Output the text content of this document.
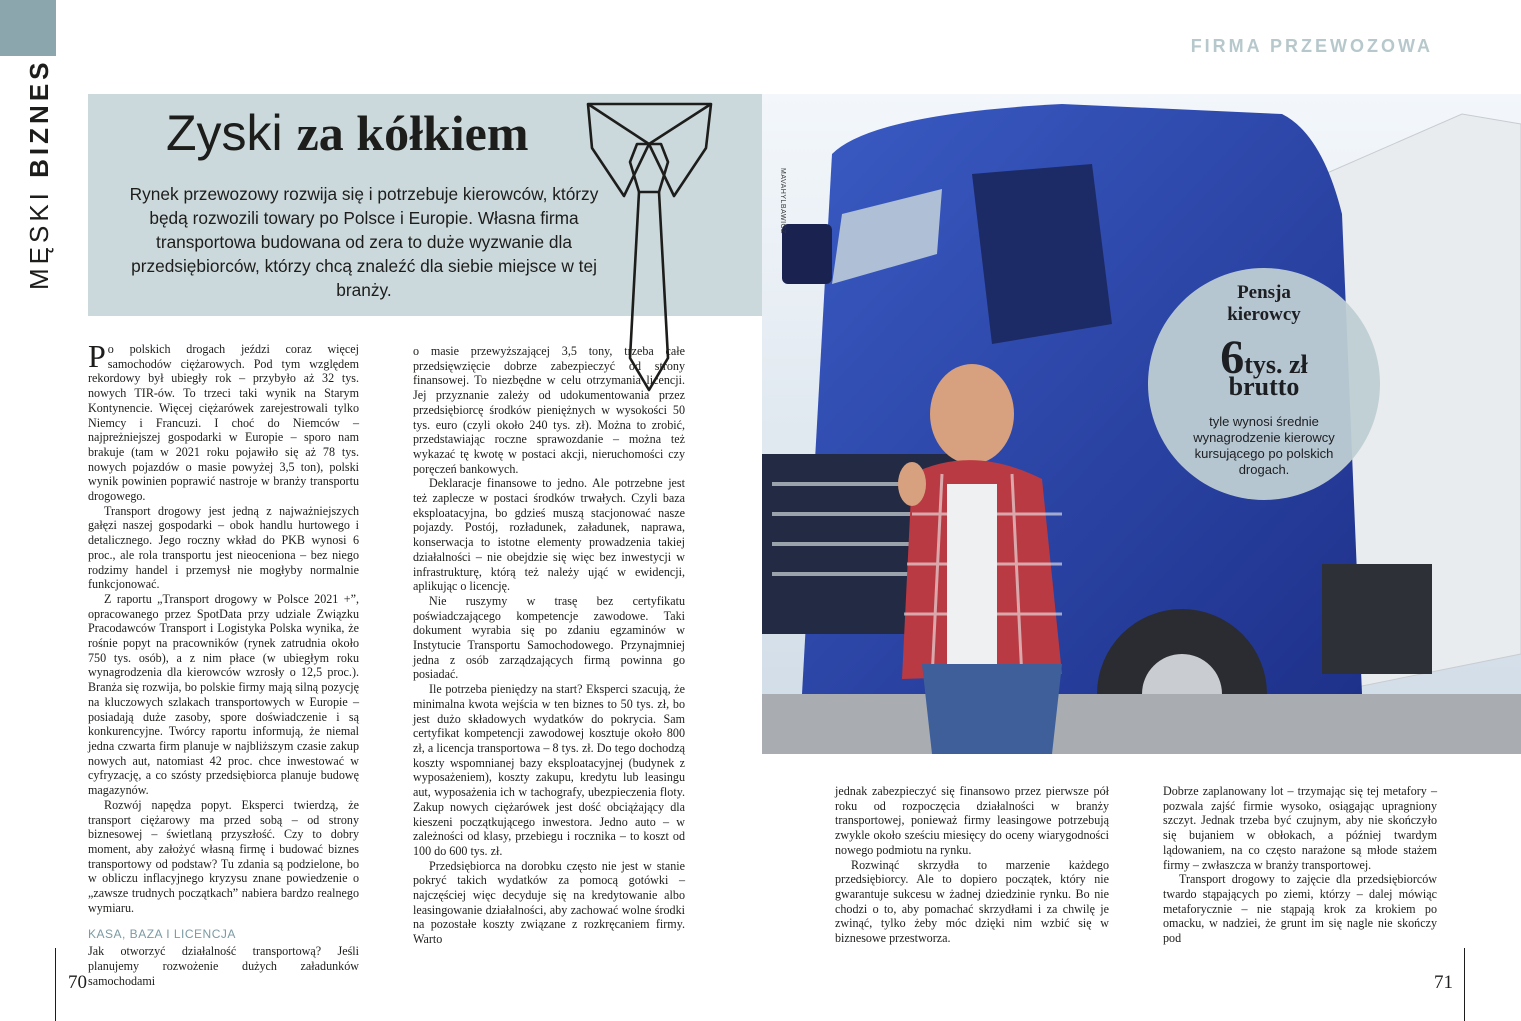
MĘSKI BIZNES
FIRMA PRZEWOZOWA
Zyski za kółkiem
Rynek przewozowy rozwija się i potrzebuje kierowców, którzy będą rozwozili towary po Polsce i Europie. Własna firma transportowa budowana od zera to duże wyzwanie dla przedsiębiorców, którzy chcą znaleźć dla siebie miejsce w tej branży.
MAVAHYLBAWICZ
Pensja
kierowcy
6tys. zł
brutto
tyle wynosi średnie wynagrodzenie kierowcy kursującego po polskich drogach.

Po polskich drogach jeździ coraz więcej samochodów ciężarowych. Pod tym względem rekordowy był ubiegły rok – przybyło aż 32 tys. nowych TIR-ów. To trzeci taki wynik na Starym Kontynencie. Więcej ciężarówek zarejestrowali tylko Niemcy i Francuzi. I choć do Niemców – najpreżniejszej gospodarki w Europie – sporo nam brakuje (tam w 2021 roku pojawiło się aż 78 tys. nowych pojazdów o masie powyżej 3,5 ton), polski wynik powinien poprawić nastroje w branży transportu drogowego.

Transport drogowy jest jedną z najważniejszych gałęzi naszej gospodarki – obok handlu hurtowego i detalicznego. Jego roczny wkład do PKB wynosi 6 proc., ale rola transportu jest nieoceniona – bez niego rodzimy handel i przemysł nie mogłyby normalnie funkcjonować.

Z raportu „Transport drogowy w Polsce 2021 +”, opracowanego przez SpotData przy udziale Związku Pracodawców Transport i Logistyka Polska wynika, że rośnie popyt na pracowników (rynek zatrudnia około 750 tys. osób), a z nim płace (w ubiegłym roku wynagrodzenia dla kierowców wzrosły o 12,5 proc.). Branża się rozwija, bo polskie firmy mają silną pozycję na kluczowych szlakach transportowych w Europie – posiadają duże zasoby, spore doświadczenie i są konkurencyjne. Twórcy raportu informują, że niemal jedna czwarta firm planuje w najbliższym czasie zakup nowych aut, natomiast 42 proc. chce inwestować w cyfryzację, a co szósty przedsiębiorca planuje budowę magazynów.

Rozwój napędza popyt. Eksperci twierdzą, że transport ciężarowy ma przed sobą – od strony biznesowej – świetlaną przyszłość. Czy to dobry moment, aby założyć własną firmę i budować biznes transportowy od podstaw? Tu zdania są podzielone, bo w obliczu inflacyjnego kryzysu znane powiedzenie o „zawsze trudnych początkach” nabiera bardzo realnego wymiaru.

KASA, BAZA I LICENCJA

Jak otworzyć działalność transportową? Jeśli planujemy rozwożenie dużych załadunków samochodami

o masie przewyższającej 3,5 tony, trzeba całe przedsięwzięcie dobrze zabezpieczyć od strony finansowej. To niezbędne w celu otrzymania licencji. Jej przyznanie zależy od udokumentowania przez przedsiębiorcę środków pieniężnych w wysokości 50 tys. euro (czyli około 240 tys. zł). Można to zrobić, przedstawiając roczne sprawozdanie – można też wykazać tę kwotę w postaci akcji, nieruchomości czy poręczeń bankowych.

Deklaracje finansowe to jedno. Ale potrzebne jest też zaplecze w postaci środków trwałych. Czyli baza eksploatacyjna, bo gdzieś muszą stacjonować nasze pojazdy. Postój, rozładunek, załadunek, naprawa, konserwacja to istotne elementy prowadzenia takiej działalności – nie obejdzie się więc bez inwestycji w infrastrukturę, którą też należy ująć w ewidencji, aplikując o licencję.

Nie ruszymy w trasę bez certyfikatu poświadczającego kompetencje zawodowe. Taki dokument wyrabia się po zdaniu egzaminów w Instytucie Transportu Samochodowego. Przynajmniej jedna z osób zarządzających firmą powinna go posiadać.

Ile potrzeba pieniędzy na start? Eksperci szacują, że minimalna kwota wejścia w ten biznes to 50 tys. zł, bo jest dużo składowych wydatków do pokrycia. Sam certyfikat kompetencji zawodowej kosztuje około 800 zł, a licencja transportowa – 8 tys. zł. Do tego dochodzą koszty wspomnianej bazy eksploatacyjnej (budynek z wyposażeniem), koszty zakupu, kredytu lub leasingu aut, wyposażenia ich w tachografy, ubezpieczenia floty. Zakup nowych ciężarówek jest dość obciążający dla kieszeni początkującego inwestora. Jedno auto – w zależności od klasy, przebiegu i rocznika – to koszt od 100 do 600 tys. zł.

Przedsiębiorca na dorobku często nie jest w stanie pokryć takich wydatków za pomocą gotówki – najczęściej więc decyduje się na kredytowanie albo leasingowanie działalności, aby zachować wolne środki na pozostałe koszty związane z rozkręcaniem firmy. Warto

jednak zabezpieczyć się finansowo przez pierwsze pół roku od rozpoczęcia działalności w branży transportowej, ponieważ firmy leasingowe potrzebują zwykle około sześciu miesięcy do oceny wiarygodności nowego podmiotu na rynku.

Rozwinąć skrzydła to marzenie każdego przedsiębiorcy. Ale to dopiero początek, który nie gwarantuje sukcesu w żadnej dziedzinie rynku. Bo nie chodzi o to, aby pomachać skrzydłami i za chwilę je zwinąć, tylko żeby móc dzięki nim wzbić się w biznesowe przestworza.

Dobrze zaplanowany lot – trzymając się tej metafory – pozwala zajść firmie wysoko, osiągając upragniony szczyt. Jednak trzeba być czujnym, aby nie skończyło się bujaniem w obłokach, a później twardym lądowaniem, na co często narażone są młode stażem firmy – zwłaszcza w branży transportowej.

Transport drogowy to zajęcie dla przedsiębiorców twardo stąpających po ziemi, którzy – dalej mówiąc metaforycznie – nie stąpają krok za krokiem po omacku, w nadziei, że grunt im się nagle nie skończy pod

70	71
